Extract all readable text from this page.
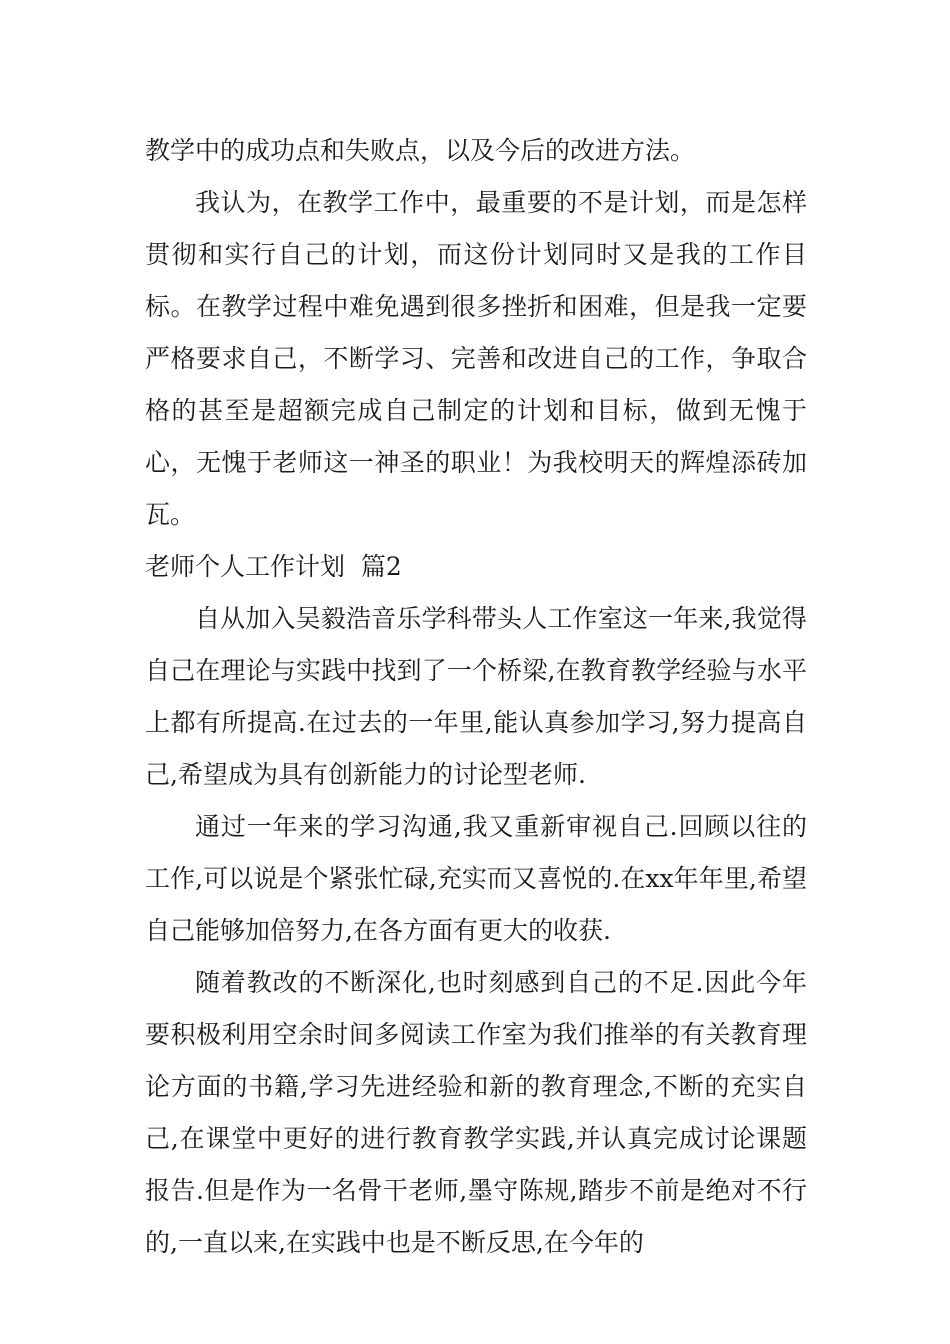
教学中的成功点和失败点，以及今后的改进方法。

我认为，在教学工作中，最重要的不是计划，而是怎样贯彻和实行自己的计划，而这份计划同时又是我的工作目标。在教学过程中难免遇到很多挫折和困难，但是我一定要严格要求自己，不断学习、完善和改进自己的工作，争取合格的甚至是超额完成自己制定的计划和目标，做到无愧于心，无愧于老师这一神圣的职业！为我校明天的辉煌添砖加瓦。

老师个人工作计划  篇2

自从加入吴毅浩音乐学科带头人工作室这一年来,我觉得自己在理论与实践中找到了一个桥梁,在教育教学经验与水平上都有所提高.在过去的一年里,能认真参加学习,努力提高自己,希望成为具有创新能力的讨论型老师.

通过一年来的学习沟通,我又重新审视自己.回顾以往的工作,可以说是个紧张忙碌,充实而又喜悦的.在xx年年里,希望自己能够加倍努力,在各方面有更大的收获.

随着教改的不断深化,也时刻感到自己的不足.因此今年要积极利用空余时间多阅读工作室为我们推举的有关教育理论方面的书籍,学习先进经验和新的教育理念,不断的充实自己,在课堂中更好的进行教育教学实践,并认真完成讨论课题报告.但是作为一名骨干老师,墨守陈规,踏步不前是绝对不行的,一直以来,在实践中也是不断反思,在今年的
